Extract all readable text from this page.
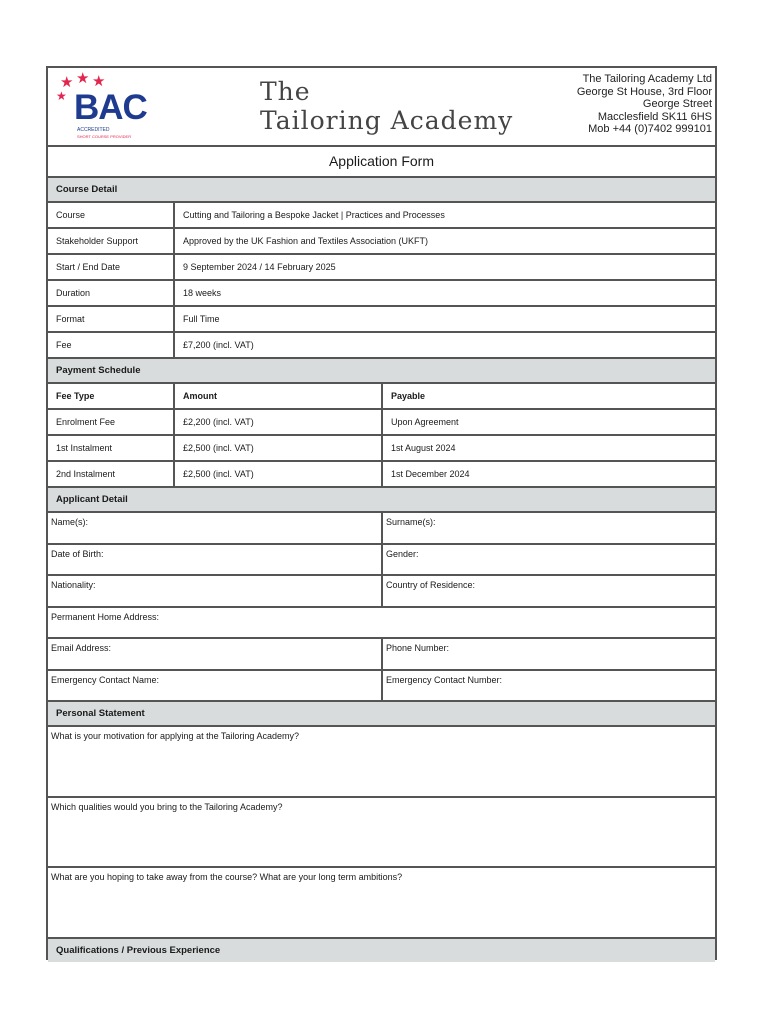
★ ★ ★
★ BAC
ACCREDITED
SHORT COURSE PROVIDER
The
Tailoring Academy
The Tailoring Academy Ltd
George St House, 3rd Floor
George Street
Macclesfield SK11 6HS
Mob +44 (0)7402 999101
Application Form
Course Detail
Course	Cutting and Tailoring a Bespoke Jacket | Practices and Processes
Stakeholder Support	Approved by the UK Fashion and Textiles Association (UKFT)
Start / End Date	9 September 2024 / 14 February 2025
Duration	18 weeks
Format	Full Time
Fee	£7,200 (incl. VAT)
Payment Schedule
Fee Type	Amount	Payable
Enrolment Fee	£2,200 (incl. VAT)	Upon Agreement
1st Instalment	£2,500 (incl. VAT)	1st August 2024
2nd Instalment	£2,500 (incl. VAT)	1st December 2024
Applicant Detail
Name(s):	Surname(s):
Date of Birth:	Gender:
Nationality:	Country of Residence:
Permanent Home Address:
Email Address:	Phone Number:
Emergency Contact Name:	Emergency Contact Number:
Personal Statement
What is your motivation for applying at the Tailoring Academy?
Which qualities would you bring to the Tailoring Academy?
What are you hoping to take away from the course? What are your long term ambitions?
Qualifications / Previous Experience
